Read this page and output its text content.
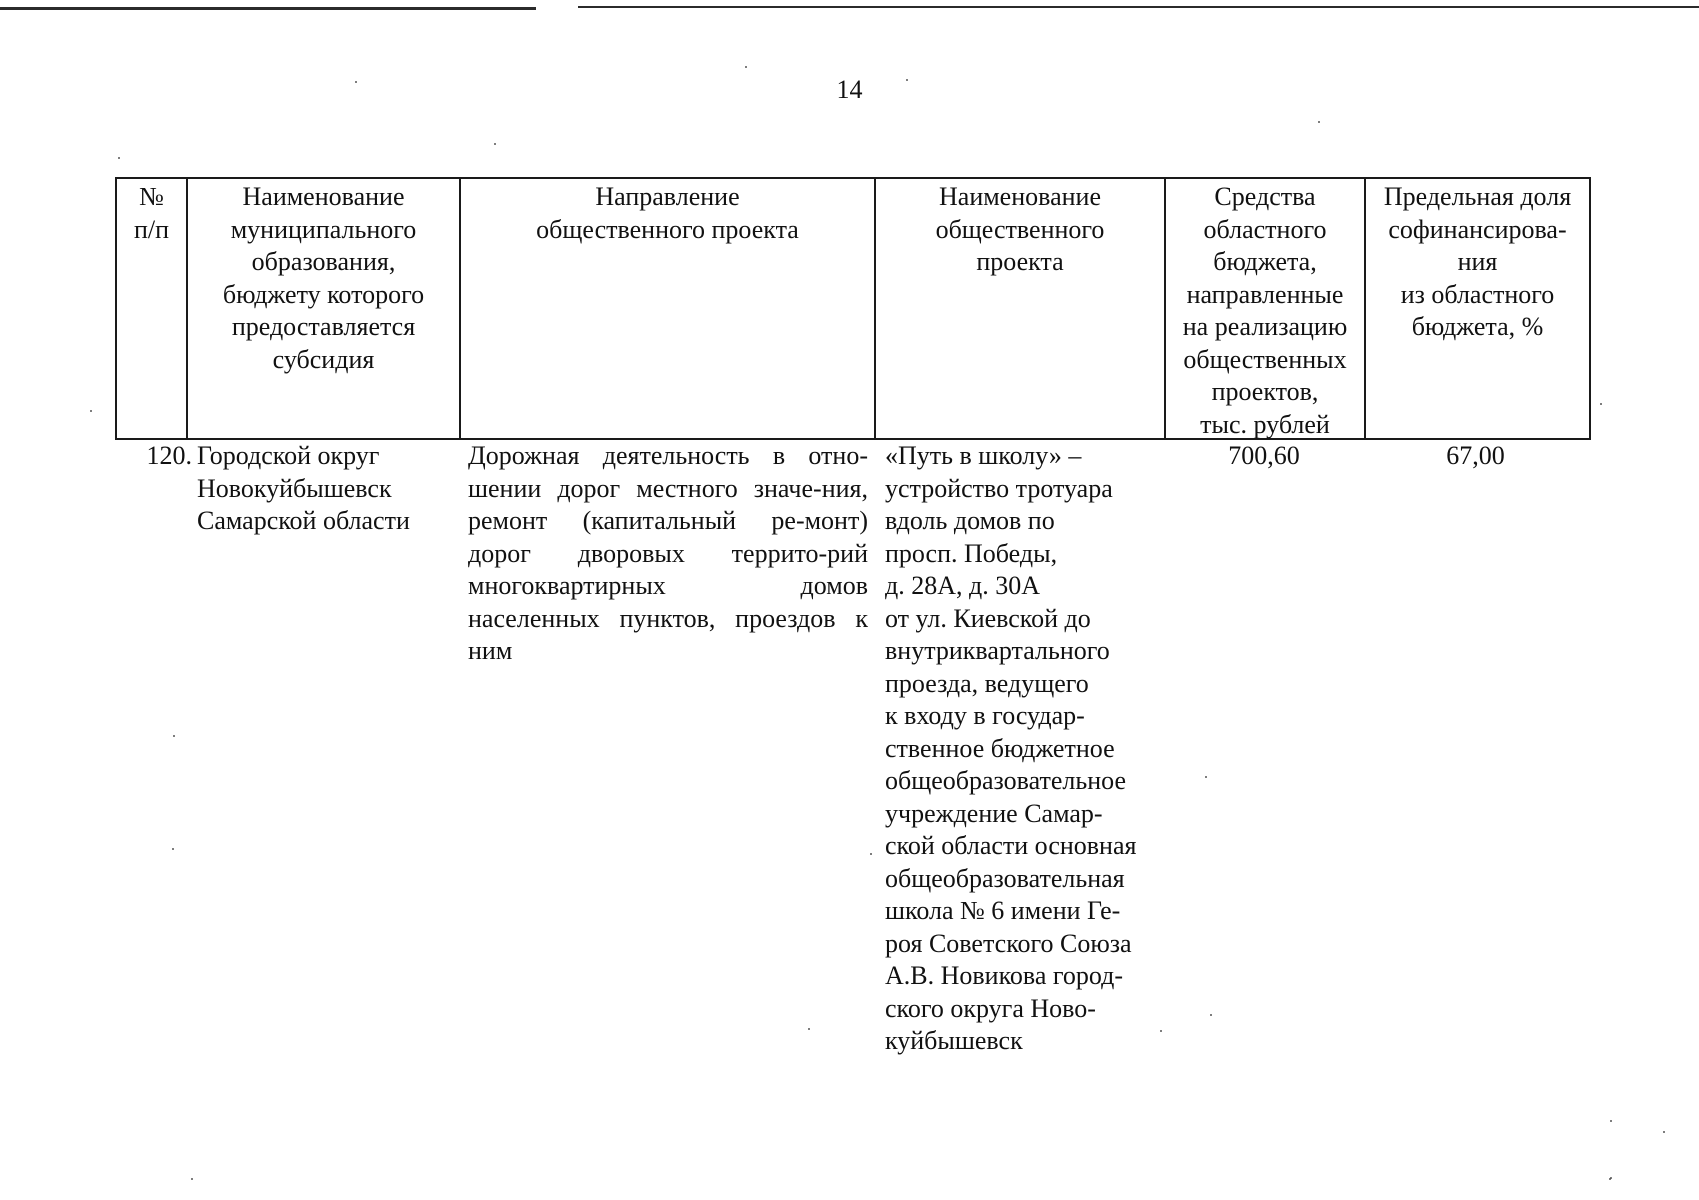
14
№
п/п
Наименование
муниципального
образования,
бюджету которого
предоставляется
субсидия
Направление
общественного проекта
Наименование
общественного
проекта
Средства
областного
бюджета,
направленные
на реализацию
общественных
проектов,
тыс. рублей
Предельная доля
софинансирова-
ния
из областного
бюджета, %
120. Городской округ
Новокуйбышевск
Самарской области
Дорожная деятельность в отно-шении дорог местного значе-ния, ремонт (капитальный ре-монт) дорог дворовых террито-рий многоквартирных домов населенных пунктов, проездов к ним
«Путь в школу» –
устройство тротуара
вдоль домов по
просп. Победы,
д. 28А, д. 30А
от ул. Киевской до
внутриквартального
проезда, ведущего
к входу в государ-
ственное бюджетное
общеобразовательное
учреждение Самар-
ской области основная
общеобразовательная
школа № 6 имени Ге-
роя Советского Союза
А.В. Новикова город-
ского округа Ново-
куйбышевск
700,60	67,00
